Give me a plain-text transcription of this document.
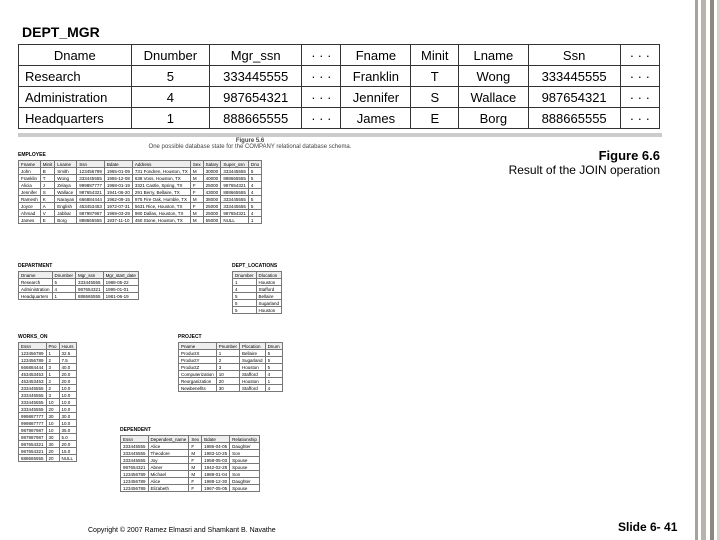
DEPT_MGR
Dname	Dnumber	Mgr_ssn	· · ·	Fname	Minit	Lname	Ssn	· · ·
Research	5	333445555	· · ·	Franklin	T	Wong	333445555	· · ·
Administration	4	987654321	· · ·	Jennifer	S	Wallace	987654321	· · ·
Headquarters	1	888665555	· · ·	James	E	Borg	888665555	· · ·
Figure 5.6
One possible database state for the COMPANY relational database schema.
Figure 6.6
Result of the JOIN operation
EMPLOYEE
Fname	Minit	Lname	Ssn	Bdate	Address	Sex	Salary	Super_ssn	Dno
John	B	Smith	123456789	1965-01-09	731 Fondren, Houston, TX	M	30000	333445555	5
Franklin	T	Wong	333445555	1955-12-08	638 Voss, Houston, TX	M	40000	888665555	5
Alicia	J	Zelaya	999887777	1968-01-19	3321 Castle, Spring, TX	F	25000	987654321	4
Jennifer	S	Wallace	987654321	1941-06-20	291 Berry, Bellaire, TX	F	43000	888665555	4
Ramesh	K	Narayan	666884444	1962-09-15	975 Fire Oak, Humble, TX	M	38000	333445555	5
Joyce	A	English	453453453	1972-07-31	5631 Rice, Houston, TX	F	25000	333445555	5
Ahmad	V	Jabbar	987987987	1969-03-29	980 Dallas, Houston, TX	M	25000	987654321	4
James	E	Borg	888665555	1937-11-10	450 Stone, Houston, TX	M	55000	NULL	1
DEPARTMENT
Dname	Dnumber	Mgr_ssn	Mgr_start_date
Research	5	333445555	1988-05-22
Administration	4	987654321	1995-01-01
Headquarters	1	888665555	1981-06-19
DEPT_LOCATIONS
Dnumber	Dlocation
1	Houston
4	Stafford
5	Bellaire
5	Sugarland
5	Houston
WORKS_ON
Essn	Pno	Hours
123456789	1	32.5
123456789	2	7.5
666884444	3	40.0
453453453	1	20.0
453453453	2	20.0
333445555	2	10.0
333445555	3	10.0
333445555	10	10.0
333445555	20	10.0
999887777	30	30.0
999887777	10	10.0
987987987	10	35.0
987987987	30	5.0
987654321	30	20.0
987654321	20	15.0
888665555	20	NULL
PROJECT
Pname	Pnumber	Plocation	Dnum
ProductX	1	Bellaire	5
ProductY	2	Sugarland	5
ProductZ	3	Houston	5
Computerization	10	Stafford	4
Reorganization	20	Houston	1
Newbenefits	30	Stafford	4
DEPENDENT
Essn	Dependent_name	Sex	Bdate	Relationship
333445555	Alice	F	1986-04-05	Daughter
333445555	Theodore	M	1983-10-25	Son
333445555	Joy	F	1958-05-03	Spouse
987654321	Abner	M	1942-02-28	Spouse
123456789	Michael	M	1988-01-04	Son
123456789	Alice	F	1988-12-30	Daughter
123456789	Elizabeth	F	1967-05-05	Spouse
Copyright © 2007 Ramez Elmasri and Shamkant B. Navathe	Slide 6- 41
